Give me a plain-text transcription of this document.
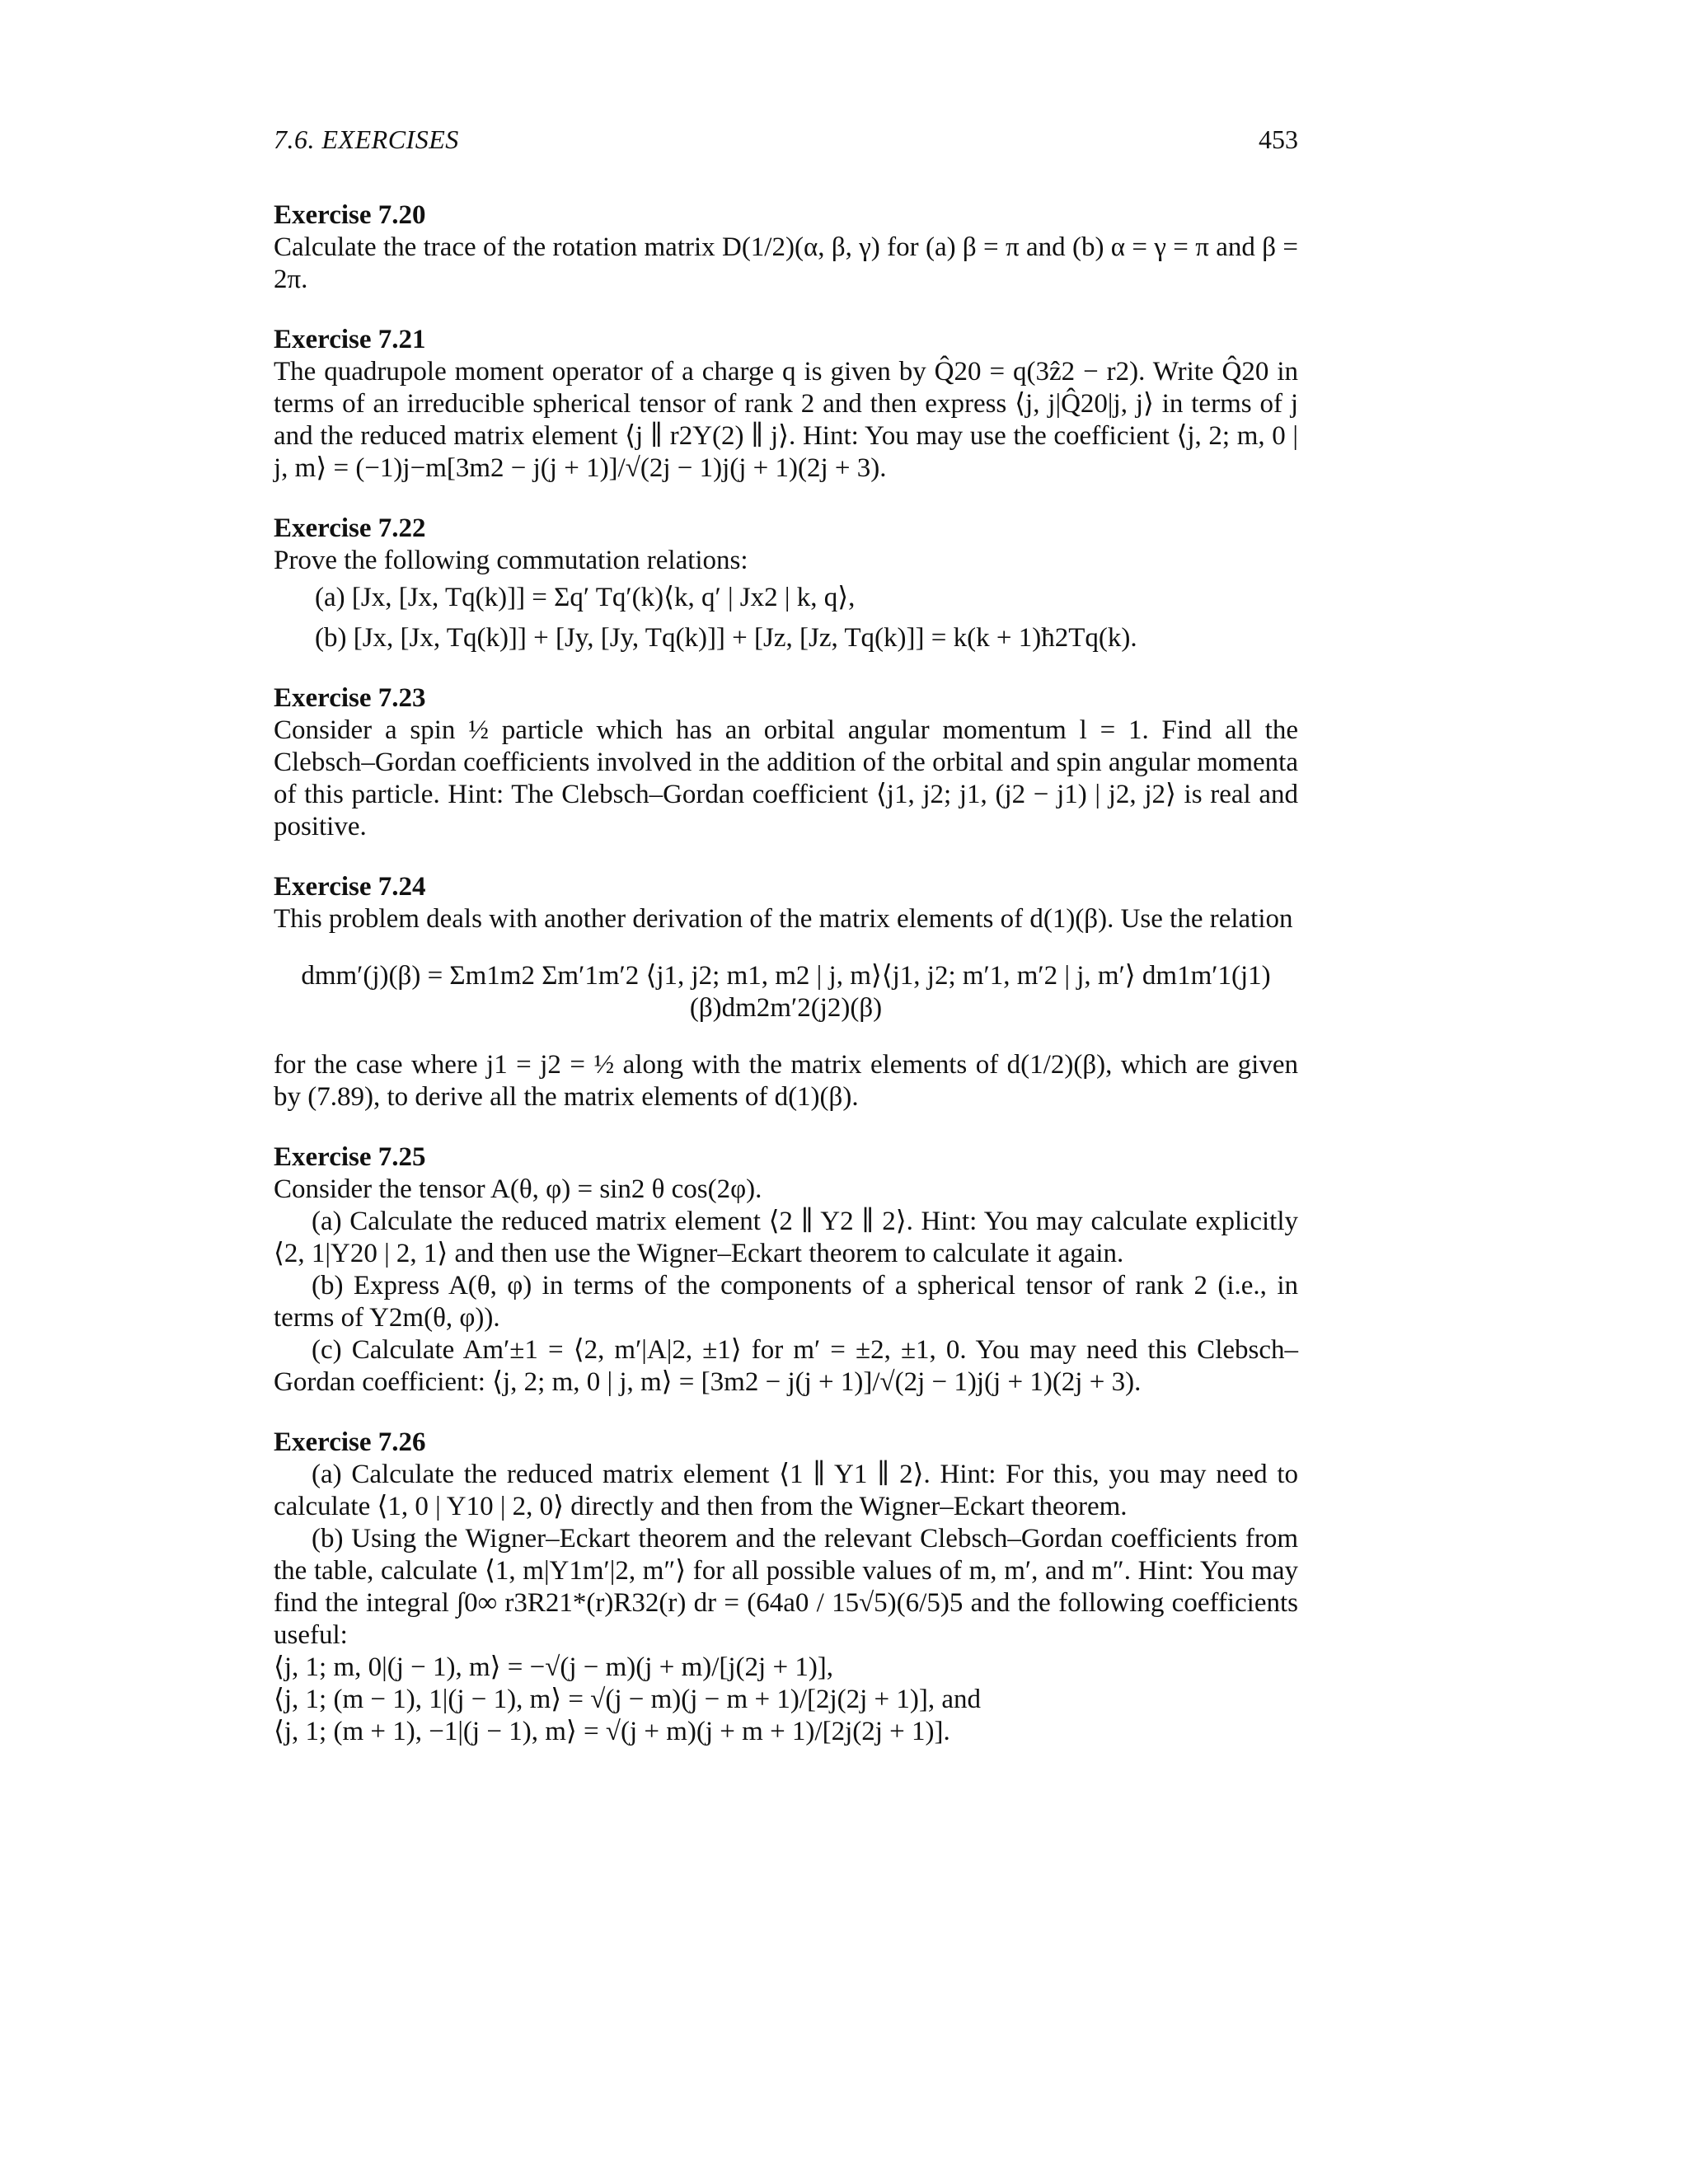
7.6. EXERCISES	453
Exercise 7.20
Calculate the trace of the rotation matrix D(1/2)(α, β, γ) for (a) β = π and (b) α = γ = π and β = 2π.
Exercise 7.21
The quadrupole moment operator of a charge q is given by Q̂20 = q(3ẑ2 − r2). Write Q̂20 in terms of an irreducible spherical tensor of rank 2 and then express ⟨j, j|Q̂20|j, j⟩ in terms of j and the reduced matrix element ⟨j ∥ r2Y(2) ∥ j⟩. Hint: You may use the coefficient ⟨j, 2; m, 0 | j, m⟩ = (−1)j−m[3m2 − j(j + 1)]/√(2j − 1)j(j + 1)(2j + 3).
Exercise 7.22
Prove the following commutation relations:
(a) [Jx, [Jx, Tq(k)]] = Σq′ Tq′(k)⟨k, q′ | Jx2 | k, q⟩,
(b) [Jx, [Jx, Tq(k)]] + [Jy, [Jy, Tq(k)]] + [Jz, [Jz, Tq(k)]] = k(k + 1)ħ2Tq(k).
Exercise 7.23
Consider a spin ½ particle which has an orbital angular momentum l = 1. Find all the Clebsch–Gordan coefficients involved in the addition of the orbital and spin angular momenta of this particle. Hint: The Clebsch–Gordan coefficient ⟨j1, j2; j1, (j2 − j1) | j2, j2⟩ is real and positive.
Exercise 7.24
This problem deals with another derivation of the matrix elements of d(1)(β). Use the relation
dmm′(j)(β) = Σm1m2 Σm′1m′2 ⟨j1, j2; m1, m2 | j, m⟩⟨j1, j2; m′1, m′2 | j, m′⟩ dm1m′1(j1)(β)dm2m′2(j2)(β)
for the case where j1 = j2 = ½ along with the matrix elements of d(1/2)(β), which are given by (7.89), to derive all the matrix elements of d(1)(β).
Exercise 7.25
Consider the tensor A(θ, φ) = sin2 θ cos(2φ).
(a) Calculate the reduced matrix element ⟨2 ∥ Y2 ∥ 2⟩. Hint: You may calculate explicitly ⟨2, 1|Y20 | 2, 1⟩ and then use the Wigner–Eckart theorem to calculate it again.
(b) Express A(θ, φ) in terms of the components of a spherical tensor of rank 2 (i.e., in terms of Y2m(θ, φ)).
(c) Calculate Am′±1 = ⟨2, m′|A|2, ±1⟩ for m′ = ±2, ±1, 0. You may need this Clebsch–Gordan coefficient: ⟨j, 2; m, 0 | j, m⟩ = [3m2 − j(j + 1)]/√(2j − 1)j(j + 1)(2j + 3).
Exercise 7.26
(a) Calculate the reduced matrix element ⟨1 ∥ Y1 ∥ 2⟩. Hint: For this, you may need to calculate ⟨1, 0 | Y10 | 2, 0⟩ directly and then from the Wigner–Eckart theorem.
(b) Using the Wigner–Eckart theorem and the relevant Clebsch–Gordan coefficients from the table, calculate ⟨1, m|Y1m′|2, m″⟩ for all possible values of m, m′, and m″. Hint: You may find the integral ∫0∞ r3R21*(r)R32(r) dr = (64a0 / 15√5)(6/5)5 and the following coefficients useful:
⟨j, 1; m, 0|(j − 1), m⟩ = −√(j − m)(j + m)/[j(2j + 1)],
⟨j, 1; (m − 1), 1|(j − 1), m⟩ = √(j − m)(j − m + 1)/[2j(2j + 1)], and
⟨j, 1; (m + 1), −1|(j − 1), m⟩ = √(j + m)(j + m + 1)/[2j(2j + 1)].
